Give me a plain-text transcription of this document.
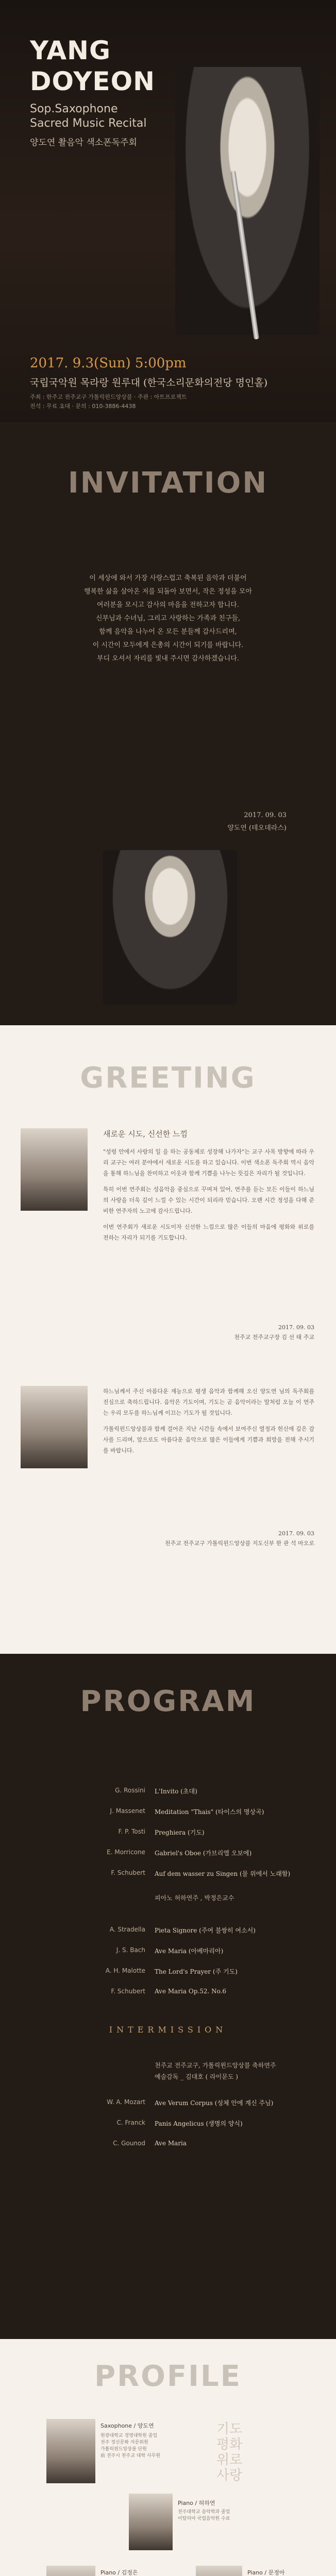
YANG
DOYEON
Sop.Saxophone
Sacred Music Recital
양도연 촬음악 색소폰독주회
2017. 9.3(Sun) 5:00pm
국립국악원 목라랑 원루대 (한국소리문화의전당 명인홀)
주최 : 한주고 전주교구 가톨릭윈드앙상블 · 주관 : 아트프로젝트
전석 : 무료 초대 · 문의 : 010-3886-4438
INVITATION
이 세상에 와서 가장 사랑스럽고 축복된 음악과 더불어
행복한 삶을 살아온 저를 되돌아 보면서, 작은 정성을 모아
여러분을 모시고 감사의 마음을 전하고자 합니다.
신부님과 수녀님, 그리고 사랑하는 가족과 친구들,
함께 음악을 나누어 온 모든 분들께 감사드리며,
이 시간이 모두에게 은총의 시간이 되기를 바랍니다.
부디 오셔서 자리를 빛내 주시면 감사하겠습니다.
2017. 09. 03
양도연 (테오데라스)
GREETING
새로운 시도, 신선한 느낌

"성령 안에서 사랑의 일 을 하는 공동체로 성장해 나가자"는 교구 사목 방향에 따라 우리 교구는 여러 분야에서 새로운 시도를 하고 있습니다. 이번 색소폰 독주회 역시 음악을 통해 하느님을 찬미하고 이웃과 함께 기쁨을 나누는 뜻깊은 자리가 될 것입니다.

특히 이번 연주회는 성음악을 중심으로 꾸며져 있어, 연주를 듣는 모든 이들이 하느님의 사랑을 더욱 깊이 느낄 수 있는 시간이 되리라 믿습니다. 오랜 시간 정성을 다해 준비한 연주자의 노고에 감사드립니다.

이번 연주회가 새로운 시도이자 신선한 느낌으로 많은 이들의 마음에 평화와 위로를 전하는 자리가 되기를 기도합니다.

2017. 09. 03
천주교 전주교구장 김 선 태 주교

하느님께서 주신 아름다운 재능으로 평생 음악과 함께해 오신 양도연 님의 독주회를 진심으로 축하드립니다. 음악은 기도이며, 기도는 곧 음악이라는 말처럼 오늘 이 연주는 우리 모두를 하느님께 이끄는 기도가 될 것입니다.

가톨릭윈드앙상블과 함께 걸어온 지난 시간들 속에서 보여주신 열정과 헌신에 깊은 감사를 드리며, 앞으로도 아름다운 음악으로 많은 이들에게 기쁨과 희망을 전해 주시기를 바랍니다.

2017. 09. 03
천주교 전주교구 가톨릭윈드앙상블 지도신부 한 관 석 마오로
PROGRAM
G. Rossini L'Invito (초대)
J. Massenet Meditation "Thais" (타이스의 명상곡)
F. P. Tosti Preghiera (기도)
E. Morricone Gabriel's Oboe (가브리엘 오보에)
F. Schubert Auf dem wasser zu Singen (물 위에서 노래함)
피아노 허하연주 , 박정은교수
A. Stradella Pieta Signore (주여 불쌍히 여소서)
J. S. Bach Ave Maria (아베마리아)
A. H. Malotte The Lord's Prayer (주 기도)
F. Schubert Ave Maria Op.52. No.6
INTERMISSION
천주교 전주교구, 가톨릭윈드앙상블 축하연주
예술감독 _ 김대호 ( 라이문도 )
W. A. Mozart Ave Verum Corpus (성체 안에 계신 주님)
C. Franck Panis Angelicus (생명의 양식)
C. Gounod Ave Maria
PROFILE
Saxophone / 양도연
원광대학교 경영대학원 졸업
전주 정신문화 자문위원
가톨릭윈드앙상블 단원
前 전주시 천주교 대학 사무원
기도
평화
위로
사랑
Piano / 허하연
전주대학교 음악학과 졸업
이탈리아 국립음악원 수료
Piano / 김정은	Piano / 문정아
